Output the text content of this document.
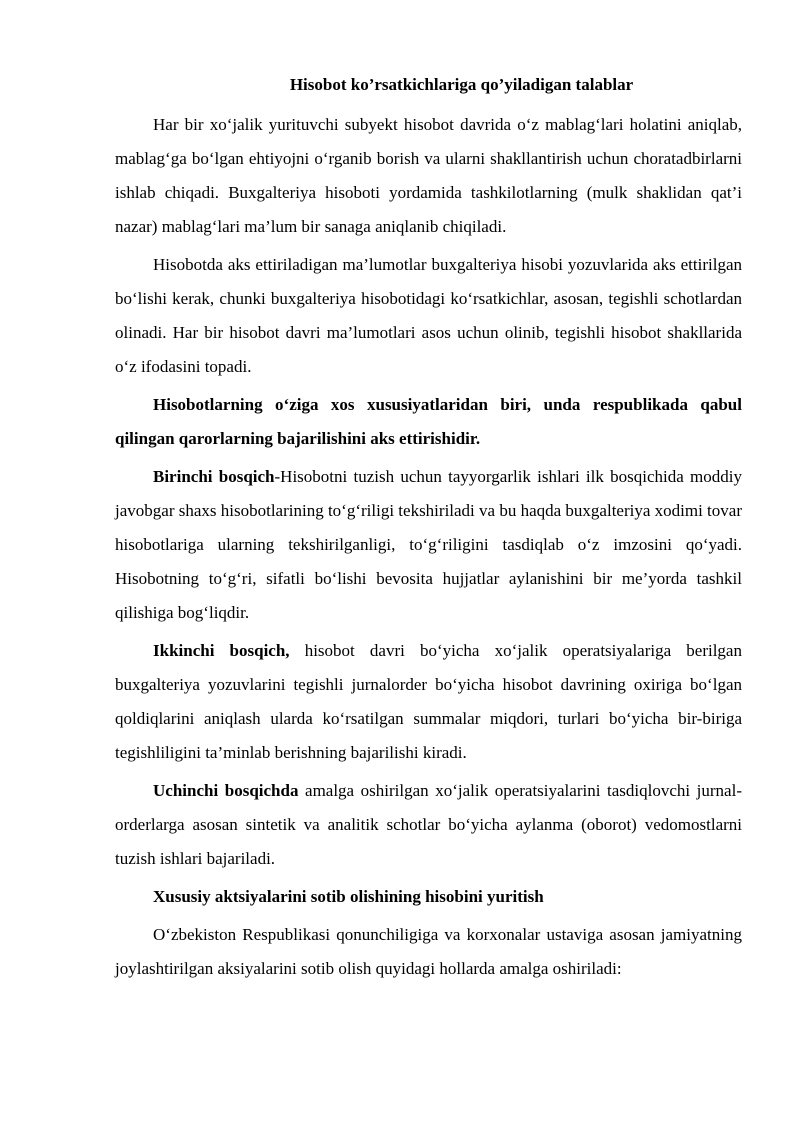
Hisobot ko’rsatkichlariga qo’yiladigan talablar

Har bir xo‘jalik yurituvchi subyekt hisobot davrida o‘z mablag‘lari holatini aniqlab, mablag‘ga bo‘lgan ehtiyojni o‘rganib borish va ularni shakllantirish uchun choratadbirlarni ishlab chiqadi. Buxgalteriya hisoboti yordamida tashkilotlarning (mulk shaklidan qat’i nazar) mablag‘lari ma’lum bir sanaga aniqlanib chiqiladi.

Hisobotda aks ettiriladigan ma’lumotlar buxgalteriya hisobi yozuvlarida aks ettirilgan bo‘lishi kerak, chunki buxgalteriya hisobotidagi ko‘rsatkichlar, asosan, tegishli schotlardan olinadi. Har bir hisobot davri ma’lumotlari asos uchun olinib, tegishli hisobot shakllarida o‘z ifodasini topadi.

Hisobotlarning o‘ziga xos xususiyatlaridan biri, unda respublikada qabul qilingan qarorlarning bajarilishini aks ettirishidir.

Birinchi bosqich-Hisobotni tuzish uchun tayyorgarlik ishlari ilk bosqichida moddiy javobgar shaxs hisobotlarining to‘g‘riligi tekshiriladi va bu haqda buxgalteriya xodimi tovar hisobotlariga ularning tekshirilganligi, to‘g‘riligini tasdiqlab o‘z imzosini qo‘yadi. Hisobotning to‘g‘ri, sifatli bo‘lishi bevosita hujjatlar aylanishini bir me’yorda tashkil qilishiga bog‘liqdir.

Ikkinchi bosqich, hisobot davri bo‘yicha xo‘jalik operatsiyalariga berilgan buxgalteriya yozuvlarini tegishli jurnalorder bo‘yicha hisobot davrining oxiriga bo‘lgan qoldiqlarini aniqlash ularda ko‘rsatilgan summalar miqdori, turlari bo‘yicha bir-biriga tegishliligini ta’minlab berishning bajarilishi kiradi.

Uchinchi bosqichda amalga oshirilgan xo‘jalik operatsiyalarini tasdiqlovchi jurnal-orderlarga asosan sintetik va analitik schotlar bo‘yicha aylanma (oborot) vedomostlarni tuzish ishlari bajariladi.

Xususiy aktsiyalarini sotib olishining hisobini yuritish

O‘zbekiston Respublikasi qonunchiligiga va korxonalar ustaviga asosan jamiyatning joylashtirilgan aksiyalarini sotib olish quyidagi hollarda amalga oshiriladi:
